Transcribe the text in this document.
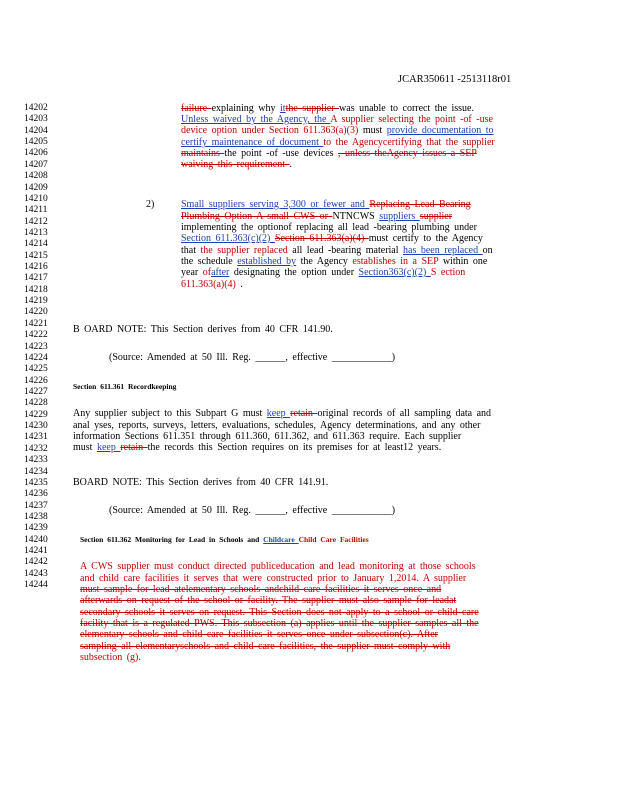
JCAR350611 -2513118r01
14202
14203
14204
14205
14206
14207
14208
14209
14210
14211
14212
14213
14214
14215
14216
14217
14218
14219
14220
14221
14222
14223
14224
14225
14226
14227
14228
14229
14230
14231
14232
14233
14234
14235
14236
14237
14238
14239
14240
14241
14242
14243
14244
2)
failure explaining why itthe supplier was unable to correct the issue.
Unless waived by the Agency, the A supplier selecting the point -of -use
device option under Section 611.363(a)(3) must provide documentation to
certify maintenance of document to the Agencycertifying that the supplier
maintains the point -of -use devices , unless theAgency issues a SEP
waiving this requirement .
Small suppliers serving 3,300 or fewer and Replacing Lead Bearing
Plumbing Option A small CWS or NTNCWS suppliers supplier
implementing the optionof replacing all lead -bearing plumbing under
Section 611.363(c)(2) Section 611.363(a)(4) must certify to the Agency
that the supplier replaced all lead -bearing material has been replaced on
the schedule established by the Agency establishes in a SEP within one
year ofafter designating the option under Section363(c)(2) S ection
611.363(a)(4) .
B OARD NOTE: This Section derives from 40 CFR 141.90.
(Source: Amended at 50 Ill. Reg. ______, effective ____________)
Section 611.361 Recordkeeping
Any supplier subject to this Subpart G must keep retain original records of all sampling data and
anal yses, reports, surveys, letters, evaluations, schedules, Agency determinations, and any other
information Sections 611.351 through 611.360, 611.362, and 611.363 require. Each supplier
must keep retain the records this Section requires on its premises for at least12 years.
BOARD NOTE: This Section derives from 40 CFR 141.91.
(Source: Amended at 50 Ill. Reg. ______, effective ____________)
Section 611.362 Monitoring for Lead in Schools and Childcare Child Care Facilities
A CWS supplier must conduct directed publiceducation and lead monitoring at those schools
and child care facilities it serves that were constructed prior to January 1,2014. A supplier
must sample for lead atelementary schools andchild care facilities it serves once and
afterwards on request of the school or facility. The supplier must also sample for leadat
secondary schools it serves on request. This Section does not apply to a school or child care
facility that is a regulated PWS. This subsection (a) applies until the supplier samples all the
elementary schools and child care facilities it serves once under subsection(c). After
sampling all elementaryschools and child care facilities, the supplier must comply with
subsection (g).
